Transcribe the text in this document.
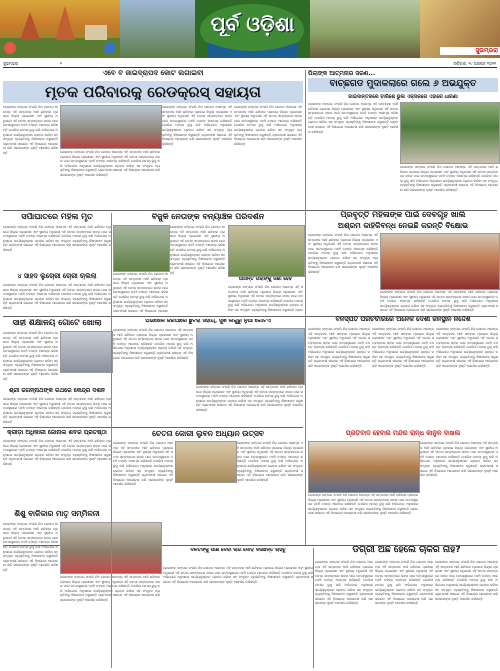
ପୂର୍ବ ଓଡ଼ିଶା
ସୁଭମ୍ଭରା
ସୁଭମ୍ଭରା	୨	ରବିବାର, ୨୯ ଅଗଷ୍ଟ ୨୦୨୧
ଏବେ ବି ଜାଇଦ୍ରାପଦ କୋଟ ଲଗାଇବୀ
ମୃତକ ପରିବାରକୁ ରେଡକ୍ରସ୍ ସହାୟତା
ଲୋକାଙ୍କ ଜଙ୍ଗଲ ଜଂକରି ନିଜ ଖୋଦଣ ଆରମ୍ଭ ଏହି ସମ୍ପାଦକ ଆଜି ଶନିବାର ପ୍ରକାଶ ଜିଲ୍ଲା ପ୍ରଶାସନ ଏବଂ ସ୍ଥାନୀୟ ଅଧିକାରୀ ଏହି ଘଟଣା ସମ୍ବନ୍ଧରେ ଖବର ପାଇ ଘଟଣାସ୍ଥଳରେ ପହଞ୍ଚି ତଦନ୍ତ ଆରମ୍ଭ କରିଛନ୍ତି ପୋଲିସ ମାମଲା ରୁଜୁ କରି ଅଭିଯୋଗ ଅନୁସାରେ କାର୍ଯ୍ୟାନୁଷ୍ଠାନ ଗ୍ରହଣ କରିବା ସହ ସଂପୃକ୍ତ ବ୍ୟକ୍ତିଙ୍କୁ ଜିଜ୍ଞାସାବାଦ କରୁଛନ୍ତି ଗ୍ରାମବାସୀ ସଭାରେ ଏହି ବିଷୟରେ ଆଲୋଚନା କରି ସରକାରଙ୍କ ଦୃଷ୍ଟି ଆକର୍ଷଣ କରିଛନ୍ତି	ଲୋକାଙ୍କ ଜଙ୍ଗଲ ଜଂକରି ନିଜ ଖୋଦଣ ଆରମ୍ଭ ଏହି ସମ୍ପାଦକ ଆଜି ଶନିବାର ପ୍ରକାଶ ଜିଲ୍ଲା ପ୍ରଶାସନ ଏବଂ ସ୍ଥାନୀୟ ଅଧିକାରୀ ଏହି ଘଟଣା ସମ୍ବନ୍ଧରେ ଖବର ପାଇ ଘଟଣାସ୍ଥଳରେ ପହଞ୍ଚି ତଦନ୍ତ ଆରମ୍ଭ କରିଛନ୍ତି ପୋଲିସ ମାମଲା ରୁଜୁ କରି ଅଭିଯୋଗ ଅନୁସାରେ କାର୍ଯ୍ୟାନୁଷ୍ଠାନ ଗ୍ରହଣ କରିବା ସହ ସଂପୃକ୍ତ ବ୍ୟକ୍ତିଙ୍କୁ ଜିଜ୍ଞାସାବାଦ କରୁଛନ୍ତି ଗ୍ରାମବାସୀ ସଭାରେ ଏହି ବିଷୟରେ ଆଲୋଚନା କରି ସରକାରଙ୍କ ଦୃଷ୍ଟି ଆକର୍ଷଣ କରିଛନ୍ତି
ଲୋକାଙ୍କ ଜଙ୍ଗଲ ଜଂକରି ନିଜ ଖୋଦଣ ଆରମ୍ଭ ଏହି ସମ୍ପାଦକ ଆଜି ଶନିବାର ପ୍ରକାଶ ଜିଲ୍ଲା ପ୍ରଶାସନ ଏବଂ ସ୍ଥାନୀୟ ଅଧିକାରୀ ଏହି ଘଟଣା ସମ୍ବନ୍ଧରେ ଖବର ପାଇ ଘଟଣାସ୍ଥଳରେ ପହଞ୍ଚି ତଦନ୍ତ ଆରମ୍ଭ କରିଛନ୍ତି ପୋଲିସ ମାମଲା ରୁଜୁ କରି ଅଭିଯୋଗ ଅନୁସାରେ କାର୍ଯ୍ୟାନୁଷ୍ଠାନ ଗ୍ରହଣ କରିବା ସହ ସଂପୃକ୍ତ ବ୍ୟକ୍ତିଙ୍କୁ ଜିଜ୍ଞାସାବାଦ କରୁଛନ୍ତି ଗ୍ରାମବାସୀ ସଭାରେ ଏହି ବିଷୟରେ ଆଲୋଚନା କରି ସରକାରଙ୍କ ଦୃଷ୍ଟି ଆକର୍ଷଣ କରିଛନ୍ତି
ଲୋକାଙ୍କ ଜଙ୍ଗଲ ଜଂକରି ନିଜ ଖୋଦଣ ଆରମ୍ଭ ଏହି ସମ୍ପାଦକ ଆଜି ଶନିବାର ପ୍ରକାଶ ଜିଲ୍ଲା ପ୍ରଶାସନ ଏବଂ ସ୍ଥାନୀୟ ଅଧିକାରୀ ଏହି ଘଟଣା ସମ୍ବନ୍ଧରେ ଖବର ପାଇ ଘଟଣାସ୍ଥଳରେ ପହଞ୍ଚି ତଦନ୍ତ ଆରମ୍ଭ କରିଛନ୍ତି ପୋଲିସ ମାମଲା ରୁଜୁ କରି ଅଭିଯୋଗ ଅନୁସାରେ କାର୍ଯ୍ୟାନୁଷ୍ଠାନ ଗ୍ରହଣ କରିବା ସହ ସଂପୃକ୍ତ ବ୍ୟକ୍ତିଙ୍କୁ ଜିଜ୍ଞାସାବାଦ କରୁଛନ୍ତି ଗ୍ରାମବାସୀ ସଭାରେ ଏହି ବିଷୟରେ ଆଲୋଚନା କରି ସରକାରଙ୍କ ଦୃଷ୍ଟି ଆକର୍ଷଣ କରିଛନ୍ତି
ପିଲାଙ୍କ ଆତ୍ମନାର ସରଣ...
ବାଚ୍ଛିଗଡ ମୁଦାକିଲାରେ ଗଲେ ୬ ଅଭିଯୁକ୍ତ
ଜାଇଦାନ୍ତରରେ ବାରିଶେ ଭୁଲ ଏକ୍ସକରେ ଏହାରେ ଧାରଣା
ଲୋକାଙ୍କ ଜଙ୍ଗଲ ଜଂକରି ନିଜ ଖୋଦଣ ଆରମ୍ଭ ଏହି ସମ୍ପାଦକ ଆଜି ଶନିବାର ପ୍ରକାଶ ଜିଲ୍ଲା ପ୍ରଶାସନ ଏବଂ ସ୍ଥାନୀୟ ଅଧିକାରୀ ଏହି ଘଟଣା ସମ୍ବନ୍ଧରେ ଖବର ପାଇ ଘଟଣାସ୍ଥଳରେ ପହଞ୍ଚି ତଦନ୍ତ ଆରମ୍ଭ କରିଛନ୍ତି ପୋଲିସ ମାମଲା ରୁଜୁ କରି ଅଭିଯୋଗ ଅନୁସାରେ କାର୍ଯ୍ୟାନୁଷ୍ଠାନ ଗ୍ରହଣ କରିବା ସହ ସଂପୃକ୍ତ ବ୍ୟକ୍ତିଙ୍କୁ ଜିଜ୍ଞାସାବାଦ କରୁଛନ୍ତି ଗ୍ରାମବାସୀ ସଭାରେ ଏହି ବିଷୟରେ ଆଲୋଚନା କରି ସରକାରଙ୍କ ଦୃଷ୍ଟି ଆକର୍ଷଣ କରିଛନ୍ତି
ଲୋକାଙ୍କ ଜଙ୍ଗଲ ଜଂକରି ନିଜ ଖୋଦଣ ଆରମ୍ଭ ଏହି ସମ୍ପାଦକ ଆଜି ଶନିବାର ପ୍ରକାଶ ଜିଲ୍ଲା ପ୍ରଶାସନ ଏବଂ ସ୍ଥାନୀୟ ଅଧିକାରୀ ଏହି ଘଟଣା ସମ୍ବନ୍ଧରେ ଖବର ପାଇ ଘଟଣାସ୍ଥଳରେ ପହଞ୍ଚି ତଦନ୍ତ ଆରମ୍ଭ କରିଛନ୍ତି ପୋଲିସ ମାମଲା ରୁଜୁ କରି ଅଭିଯୋଗ ଅନୁସାରେ କାର୍ଯ୍ୟାନୁଷ୍ଠାନ ଗ୍ରହଣ କରିବା ସହ ସଂପୃକ୍ତ ବ୍ୟକ୍ତିଙ୍କୁ ଜିଜ୍ଞାସାବାଦ କରୁଛନ୍ତି ଗ୍ରାମବାସୀ ସଭାରେ ଏହି ବିଷୟରେ ଆଲୋଚନା କରି ସରକାରଙ୍କ ଦୃଷ୍ଟି ଆକର୍ଷଣ କରିଛନ୍ତି
ସର୍ପାଘାତରେ ମହିଳା ମୃତ
ଲୋକାଙ୍କ ଜଙ୍ଗଲ ଜଂକରି ନିଜ ଖୋଦଣ ଆରମ୍ଭ ଏହି ସମ୍ପାଦକ ଆଜି ଶନିବାର ପ୍ରକାଶ ଜିଲ୍ଲା ପ୍ରଶାସନ ଏବଂ ସ୍ଥାନୀୟ ଅଧିକାରୀ ଏହି ଘଟଣା ସମ୍ବନ୍ଧରେ ଖବର ପାଇ ଘଟଣାସ୍ଥଳରେ ପହଞ୍ଚି ତଦନ୍ତ ଆରମ୍ଭ କରିଛନ୍ତି ପୋଲିସ ମାମଲା ରୁଜୁ କରି ଅଭିଯୋଗ ଅନୁସାରେ କାର୍ଯ୍ୟାନୁଷ୍ଠାନ ଗ୍ରହଣ କରିବା ସହ ସଂପୃକ୍ତ ବ୍ୟକ୍ତିଙ୍କୁ ଜିଜ୍ଞାସାବାଦ କରୁଛନ୍ତି ଗ୍ରାମବାସୀ ସଭାରେ ଏହି ବିଷୟରେ ଆଲୋଚନା କରି ସରକାରଙ୍କ ଦୃଷ୍ଟି ଆକର୍ଷଣ କରିଛନ୍ତି
ବିଜୁଳି ନେତାଙ୍କ ବନ୍ୟାଞ୍ଚଳ ପରିଦର୍ଶନ
ଲୋକାଙ୍କ ଜଙ୍ଗଲ ଜଂକରି ନିଜ ଖୋଦଣ ଆରମ୍ଭ ଏହି ସମ୍ପାଦକ ଆଜି ଶନିବାର ପ୍ରକାଶ ଜିଲ୍ଲା ପ୍ରଶାସନ ଏବଂ ସ୍ଥାନୀୟ ଅଧିକାରୀ ଏହି ଘଟଣା ସମ୍ବନ୍ଧରେ ଖବର ପାଇ ଘଟଣାସ୍ଥଳରେ ପହଞ୍ଚି ତଦନ୍ତ ଆରମ୍ଭ କରିଛନ୍ତି ପୋଲିସ ମାମଲା ରୁଜୁ କରି ଅଭିଯୋଗ ଅନୁସାରେ କାର୍ଯ୍ୟାନୁଷ୍ଠାନ ଗ୍ରହଣ କରିବା ସହ ସଂପୃକ୍ତ ବ୍ୟକ୍ତିଙ୍କୁ ଜିଜ୍ଞାସାବାଦ କରୁଛନ୍ତି ଗ୍ରାମବାସୀ ସଭାରେ ଏହି ବିଷୟରେ ଆଲୋଚନା କରି ସରକାରଙ୍କ ଦୃଷ୍ଟି ଆକର୍ଷଣ କରିଛନ୍ତି
ଲୋକାଙ୍କ ଜଙ୍ଗଲ ଜଂକରି ନିଜ ଖୋଦଣ ଆରମ୍ଭ ଏହି ସମ୍ପାଦକ ଆଜି ଶନିବାର ପ୍ରକାଶ ଜିଲ୍ଲା ପ୍ରଶାସନ ଏବଂ ସ୍ଥାନୀୟ ଅଧିକାରୀ ଏହି ଘଟଣା ସମ୍ବନ୍ଧରେ ଖବର ପାଇ ଘଟଣାସ୍ଥଳରେ ପହଞ୍ଚି ତଦନ୍ତ ଆରମ୍ଭ କରିଛନ୍ତି ପୋଲିସ ମାମଲା ରୁଜୁ କରି ଅଭିଯୋଗ ଅନୁସାରେ କାର୍ଯ୍ୟାନୁଷ୍ଠାନ ଗ୍ରହଣ କରିବା ସହ ସଂପୃକ୍ତ ବ୍ୟକ୍ତିଙ୍କୁ ଜିଜ୍ଞାସାବାଦ କରୁଛନ୍ତି ଗ୍ରାମବାସୀ ସଭାରେ ଏହି ବିଷୟରେ ଆଲୋଚ
ପ୍ରବୃତ୍ତି ମହିଳାଙ୍କ ପାଇଁ ଦେବଗୃହ ଖାଲି
ଅଶ୍ରମ କାହିଁକିବନ୍ଧ ନେଇଛି କରନ୍ତି ବିକ୍ଷୋଭ
ଲୋକାଙ୍କ ଜଙ୍ଗଲ ଜଂକରି ନିଜ ଖୋଦଣ ଆରମ୍ଭ ଏହି ସମ୍ପାଦକ ଆଜି ଶନିବାର ପ୍ରକାଶ ଜିଲ୍ଲା ପ୍ରଶାସନ ଏବଂ ସ୍ଥାନୀୟ ଅଧିକାରୀ ଏହି ଘଟଣା ସମ୍ବନ୍ଧରେ ଖବର ପାଇ ଘଟଣାସ୍ଥଳରେ ପହଞ୍ଚି ତଦନ୍ତ ଆରମ୍ଭ କରିଛନ୍ତି ପୋଲିସ ମାମଲା ରୁଜୁ କରି ଅଭିଯୋଗ ଅନୁସାରେ କାର୍ଯ୍ୟାନୁଷ୍ଠାନ ଗ୍ରହଣ କରିବା ସହ ସଂପୃକ୍ତ ବ୍ୟକ୍ତିଙ୍କୁ ଜିଜ୍ଞାସାବାଦ କରୁଛନ୍ତି ଗ୍ରାମବାସୀ ସଭାରେ ଏହି ବିଷୟରେ ଆଲୋଚନା କରି ସରକାରଙ୍କ ଦୃଷ୍ଟି ଆକର୍ଷଣ କରିଛନ୍ତି
ଲୋକାଙ୍କ ଜଙ୍ଗଲ ଜଂକରି ନିଜ ଖୋଦଣ ଆରମ୍ଭ ଏହି ସମ୍ପାଦକ ଆଜି ଶନିବାର ପ୍ରକାଶ ଜିଲ୍ଲା ପ୍ରଶାସନ ଏବଂ ସ୍ଥାନୀୟ ଅଧିକାରୀ ଏହି ଘଟଣା ସମ୍ବନ୍ଧରେ ଖବର ପାଇ ଘଟଣାସ୍ଥଳରେ ପହଞ୍ଚି ତଦନ୍ତ ଆରମ୍ଭ କରିଛନ୍ତି ପୋଲିସ ମାମଲା ରୁଜୁ କରି ଅଭିଯୋଗ ଅନୁସାରେ କାର୍ଯ୍ୟାନୁଷ୍ଠାନ ଗ୍ରହଣ କରିବା ସହ ସଂପୃକ୍ତ ବ୍ୟକ୍ତିଙ୍କୁ ଜିଜ୍ଞାସାବାଦ କରୁଛନ୍ତି ଗ୍ରାମବାସୀ ସଭାରେ ଏହି ବିଷୟରେ ଆଲୋଚନା କରି ସରକାରଙ୍କ ଦୃଷ୍ଟି ଆକର୍ଷଣ କରିଛନ୍ତି
୪ ସାହଦ ଲୁଚୋରୀ ଚୋରୀ ଚାଲିଲା
ଲୋକାଙ୍କ ଜଙ୍ଗଲ ଜଂକରି ନିଜ ଖୋଦଣ ଆରମ୍ଭ ଏହି ସମ୍ପାଦକ ଆଜି ଶନିବାର ପ୍ରକାଶ ଜିଲ୍ଲା ପ୍ରଶାସନ ଏବଂ ସ୍ଥାନୀୟ ଅଧିକାରୀ ଏହି ଘଟଣା ସମ୍ବନ୍ଧରେ ଖବର ପାଇ ଘଟଣାସ୍ଥଳରେ ପହଞ୍ଚି ତଦନ୍ତ ଆରମ୍ଭ କରିଛନ୍ତି ପୋଲିସ ମାମଲା ରୁଜୁ କରି ଅଭିଯୋଗ ଅନୁସାରେ କାର୍ଯ୍ୟାନୁଷ୍ଠାନ ଗ୍ରହଣ କରିବା ସହ ସଂପୃକ୍ତ ବ୍ୟକ୍ତିଙ୍କୁ ଜିଜ୍ଞାସାବାଦ କରୁଛନ୍ତି ଗ୍ରାମବାସୀ ସଭାରେ ଏହି ବିଷୟରେ ଆଲୋଚନା କରି ସରକାରଙ୍କ ଦୃଷ୍ଟି ଆକର୍ଷଣ କରିଛନ୍ତି
ଆସନ୍ତ ତାରାଙ୍କୁ ଜଣା ହେବ
ଲୋକାଙ୍କ ଜଙ୍ଗଲ ଜଂକରି ନିଜ ଖୋଦଣ ଆରମ୍ଭ ଏହି ସମ୍ପାଦକ ଆଜି ଶନିବାର ପ୍ରକାଶ ଜିଲ୍ଲା ପ୍ରଶାସନ ଏବଂ ସ୍ଥାନୀୟ ଅଧିକାରୀ ଏହି ଘଟଣା ସମ୍ବନ୍ଧରେ ଖବର ପାଇ ଘଟଣାସ୍ଥଳରେ ପହଞ୍ଚି ତଦନ୍ତ ଆରମ୍ଭ କରିଛନ୍ତି ପୋଲିସ ମାମଲା ରୁଜୁ କରି ଅଭିଯୋଗ ଅନୁସାରେ କାର୍ଯ୍ୟାନୁଷ୍ଠାନ ଗ୍ରହଣ କରିବା ସହ ସଂପୃକ୍ତ ବ୍ୟକ୍ତିଙ୍କୁ ଜିଜ୍ଞାସାବାଦ କରୁଛନ୍ତି ଗ୍ରାମ
ସାହୀ ଶିକ୍ଷାଳୟ ଗୋଟେ ଖୋଲା
ଲୋକାଙ୍କ ଜଙ୍ଗଲ ଜଂକରି ନିଜ ଖୋଦଣ ଆରମ୍ଭ ଏହି ସମ୍ପାଦକ ଆଜି ଶନିବାର ପ୍ରକାଶ ଜିଲ୍ଲା ପ୍ରଶାସନ ଏବଂ ସ୍ଥାନୀୟ ଅଧିକାରୀ ଏହି ଘଟଣା ସମ୍ବନ୍ଧରେ ଖବର ପାଇ ଘଟଣାସ୍ଥଳରେ ପହଞ୍ଚି ତଦନ୍ତ ଆରମ୍ଭ କରିଛନ୍ତି ପୋଲିସ ମାମଲା ରୁଜୁ କରି ଅଭିଯୋଗ ଅନୁସାରେ କାର୍ଯ୍ୟାନୁଷ୍ଠାନ ଗ୍ରହଣ କରିବା ସହ ସଂପୃକ୍ତ ବ୍ୟକ୍ତିଙ୍କୁ ଜିଜ୍ଞାସାବାଦ କରୁଛନ୍ତି ଗ୍ରାମବାସୀ ସଭାରେ ଏହି ବିଷୟରେ ଆଲୋଚନା କରି ସରକାରଙ୍କ ଦୃଷ୍ଟି ଆକର୍ଷଣ କରିଛନ୍ତି
ଅଭିଷେକ ଜରିଆରେ ଛୁଟରା ସହାୟ, ସୁଖ ଲିଗୁରୁ ନୁଆ ଗୋଟିଏ
ଲୋକାଙ୍କ ଜଙ୍ଗଲ ଜଂକରି ନିଜ ଖୋଦଣ ଆରମ୍ଭ ଏହି ସମ୍ପାଦକ ଆଜି ଶନିବାର ପ୍ରକାଶ ଜିଲ୍ଲା ପ୍ରଶାସନ ଏବଂ ସ୍ଥାନୀୟ ଅଧିକାରୀ ଏହି ଘଟଣା ସମ୍ବନ୍ଧରେ ଖବର ପାଇ ଘଟଣାସ୍ଥଳରେ ପହଞ୍ଚି ତଦନ୍ତ ଆରମ୍ଭ କରିଛନ୍ତି ପୋଲିସ ମାମଲା ରୁଜୁ କରି ଅଭିଯୋଗ ଅନୁସାରେ କାର୍ଯ୍ୟାନୁଷ୍ଠାନ ଗ୍ରହଣ କରିବା ସହ ସଂପୃକ୍ତ ବ୍ୟକ୍ତିଙ୍କୁ ଜିଜ୍ଞାସାବାଦ କରୁଛନ୍ତି ଗ୍ରାମବାସୀ ସଭାରେ ଏହି ବିଷୟରେ ଆଲୋଚନା କରି ସରକାରଙ୍କ ଦୃଷ୍ଟି ଆକର୍ଷଣ କରିଛନ୍ତି
ଲୋକାଙ୍କ ଜଙ୍ଗଲ ଜଂକରି ନିଜ ଖୋଦଣ ଆରମ୍ଭ ଏହି ସମ୍ପାଦକ ଆଜି ଶନିବାର ପ୍ରକାଶ ଜିଲ୍ଲା ପ୍ରଶାସନ ଏବଂ ସ୍ଥାନୀୟ ଅଧିକାରୀ ଏହି ଘଟଣା ସମ୍ବନ୍ଧରେ ଖବର ପାଇ ଘଟଣାସ୍ଥଳରେ ପହଞ୍ଚି ତଦନ୍ତ ଆରମ୍ଭ କରିଛନ୍ତି ପୋଲିସ ମାମଲା ରୁଜୁ କରି ଅଭିଯୋଗ ଅନୁସାରେ କାର୍ଯ୍ୟାନୁଷ୍ଠାନ ଗ୍ରହଣ କରିବା ସହ ସଂପୃକ୍ତ ବ୍ୟକ୍ତିଙ୍କୁ ଜିଜ୍ଞାସାବାଦ କରୁଛନ୍ତି ଗ୍ରାମବାସୀ ସଭାରେ ଏହି ବିଷୟରେ ଆଲୋଚନା କରି ସରକାରଙ୍କ ଦୃଷ୍ଟି ଆକର୍ଷଣ କରିଛନ୍ତି
ବନସ୍ପତି ପରିଚର୍ଚାରରେ ଅନେକ ଦେଶୀ ଜନସ୍ଥାନ ନିର୍ଦ୍ଦେଶ
ଲୋକାଙ୍କ ଜଙ୍ଗଲ ଜଂକରି ନିଜ ଖୋଦଣ ଆରମ୍ଭ ଏହି ସମ୍ପାଦକ ଆଜି ଶନିବାର ପ୍ରକାଶ ଜିଲ୍ଲା ପ୍ରଶାସନ ଏବଂ ସ୍ଥାନୀୟ ଅଧିକାରୀ ଏହି ଘଟଣା ସମ୍ବନ୍ଧରେ ଖବର ପାଇ ଘଟଣାସ୍ଥଳରେ ପହଞ୍ଚି ତଦନ୍ତ ଆରମ୍ଭ କରିଛନ୍ତି ପୋଲିସ ମାମଲା ରୁଜୁ କରି ଅଭିଯୋଗ ଅନୁସାରେ କାର୍ଯ୍ୟାନୁଷ୍ଠାନ ଗ୍ରହଣ କରିବା ସହ ସଂପୃକ୍ତ ବ୍ୟକ୍ତିଙ୍କୁ ଜିଜ୍ଞାସାବାଦ କରୁଛନ୍ତି ଗ୍ରାମବାସୀ ସଭାରେ ଏହି ବିଷୟରେ ଆଲୋଚନା କରି ସରକାରଙ୍କ ଦୃଷ୍ଟି ଆକର୍ଷଣ କରିଛନ୍ତି
ଲୋକାଙ୍କ ଜଙ୍ଗଲ ଜଂକରି ନିଜ ଖୋଦଣ ଆରମ୍ଭ ଏହି ସମ୍ପାଦକ ଆଜି ଶନିବାର ପ୍ରକାଶ ଜିଲ୍ଲା ପ୍ରଶାସନ ଏବଂ ସ୍ଥାନୀୟ ଅଧିକାରୀ ଏହି ଘଟଣା ସମ୍ବନ୍ଧରେ ଖବର ପାଇ ଘଟଣାସ୍ଥଳରେ ପହଞ୍ଚି ତଦନ୍ତ ଆରମ୍ଭ କରିଛନ୍ତି ପୋଲିସ ମାମଲା ରୁଜୁ କରି ଅଭିଯୋଗ ଅନୁସାରେ କାର୍ଯ୍ୟାନୁଷ୍ଠାନ ଗ୍ରହଣ କରିବା ସହ ସଂପୃକ୍ତ ବ୍ୟକ୍ତିଙ୍କୁ ଜିଜ୍ଞାସାବାଦ କରୁଛନ୍ତି ଗ୍ରାମବାସୀ ସଭାରେ ଏହି ବିଷୟରେ ଆଲୋଚନା କରି ସରକାରଙ୍କ ଦୃଷ୍ଟି ଆକର୍ଷଣ କରିଛନ୍ତି
ଲୋକାଙ୍କ ଜଙ୍ଗଲ ଜଂକରି ନିଜ ଖୋଦଣ ଆରମ୍ଭ ଏହି ସମ୍ପାଦକ ଆଜି ଶନିବାର ପ୍ରକାଶ ଜିଲ୍ଲା ପ୍ରଶାସନ ଏବଂ ସ୍ଥାନୀୟ ଅଧିକାରୀ ଏହି ଘଟଣା ସମ୍ବନ୍ଧରେ ଖବର ପାଇ ଘଟଣାସ୍ଥଳରେ ପହଞ୍ଚି ତଦନ୍ତ ଆରମ୍ଭ କରିଛନ୍ତି ପୋଲିସ ମାମଲା ରୁଜୁ କରି ଅଭିଯୋଗ ଅନୁସାରେ କାର୍ଯ୍ୟାନୁଷ୍ଠାନ ଗ୍ରହଣ କରିବା ସହ ସଂପୃକ୍ତ ବ୍ୟକ୍ତିଙ୍କୁ ଜିଜ୍ଞାସାବାଦ କରୁଛନ୍ତି ଗ୍ରାମବାସୀ ସଭାରେ ଏହି ବିଷୟରେ ଆଲୋଚନା କରି ସରକାରଙ୍କ ଦୃଷ୍ଟି ଆକର୍ଷଣ କରିଛନ୍ତି
ଶ୍ରୀ ଜଗନ୍ନାଥଙ୍କ ରଥରେ କେନ୍ଦ୍ର ଦର୍ଶନ
ଲୋକାଙ୍କ ଜଙ୍ଗଲ ଜଂକରି ନିଜ ଖୋଦଣ ଆରମ୍ଭ ଏହି ସମ୍ପାଦକ ଆଜି ଶନିବାର ପ୍ରକାଶ ଜିଲ୍ଲା ପ୍ରଶାସନ ଏବଂ ସ୍ଥାନୀୟ ଅଧିକାରୀ ଏହି ଘଟଣା ସମ୍ବନ୍ଧରେ ଖବର ପାଇ ଘଟଣାସ୍ଥଳରେ ପହଞ୍ଚି ତଦନ୍ତ ଆରମ୍ଭ କରିଛନ୍ତି ପୋଲିସ ମାମଲା ରୁଜୁ କରି ଅଭିଯୋଗ ଅନୁସାରେ କାର୍ଯ୍ୟାନୁଷ୍ଠାନ ଗ୍ରହଣ କରିବା ସହ ସଂପୃକ୍ତ ବ୍ୟକ୍ତିଙ୍କୁ ଜିଜ୍ଞାସାବାଦ କରୁଛନ୍ତି ଗ୍ରାମବାସୀ ସଭାରେ ଏହି ବିଷୟରେ ଆଲୋଚନା କରି ସରକାରଙ୍କ ଦୃଷ୍ଟି ଆକର୍ଷଣ କରିଛନ୍ତି
କ୍ରୀଡ଼ା ଅଧିକାରୀ ଜୋନାଲ ଶିବିର ପ୍ରତିଷ୍ଠା
ଲୋକାଙ୍କ ଜଙ୍ଗଲ ଜଂକରି ନିଜ ଖୋଦଣ ଆରମ୍ଭ ଏହି ସମ୍ପାଦକ ଆଜି ଶନିବାର ପ୍ରକାଶ ଜିଲ୍ଲା ପ୍ରଶାସନ ଏବଂ ସ୍ଥାନୀୟ ଅଧିକାରୀ ଏହି ଘଟଣା ସମ୍ବନ୍ଧରେ ଖବର ପାଇ ଘଟଣାସ୍ଥଳରେ ପହଞ୍ଚି ତଦନ୍ତ ଆରମ୍ଭ କରିଛନ୍ତି ପୋଲିସ ମାମଲା ରୁଜୁ କରି ଅଭିଯୋଗ ଅନୁସାରେ କାର୍ଯ୍ୟାନୁଷ୍ଠାନ ଗ୍ରହଣ କରିବା ସହ ସଂପୃକ୍ତ ବ୍ୟକ୍ତିଙ୍କୁ ଜିଜ୍ଞାସାବାଦ କରୁଛନ୍ତି ଗ୍ରାମବାସୀ ସଭାରେ ଏହି ବିଷୟରେ ଆଲୋଚନା କରି ସରକାରଙ୍କ ଦୃଷ୍ଟି ଆକର୍ଷଣ କରିଛନ୍ତି
ଚେତନା କୋରୀ ଲୁବନ ଅଧ୍ୟାନ ଉତ୍ସବ
ଲୋକାଙ୍କ ଜଙ୍ଗଲ ଜଂକରି ନିଜ ଖୋଦଣ ଆରମ୍ଭ ଏହି ସମ୍ପାଦକ ଆଜି ଶନିବାର ପ୍ରକାଶ ଜିଲ୍ଲା ପ୍ରଶାସନ ଏବଂ ସ୍ଥାନୀୟ ଅଧିକାରୀ ଏହି ଘଟଣା ସମ୍ବନ୍ଧରେ ଖବର ପାଇ ଘଟଣାସ୍ଥଳରେ ପହଞ୍ଚି ତଦନ୍ତ ଆରମ୍ଭ କରିଛନ୍ତି ପୋଲିସ ମାମଲା ରୁଜୁ କରି ଅଭିଯୋଗ ଅନୁସାରେ କାର୍ଯ୍ୟାନୁଷ୍ଠାନ ଗ୍ରହଣ କରିବା ସହ ସଂପୃକ୍ତ ବ୍ୟକ୍ତିଙ୍କୁ ଜିଜ୍ଞାସାବାଦ କରୁଛନ୍ତି ଗ୍ରାମବାସୀ ସଭାରେ ଏହି ବିଷୟରେ ଆଲୋଚନା କରି ସରକାରଙ୍କ ଦୃଷ୍ଟି ଆକର୍ଷଣ କରିଛନ୍ତି
ଲୋକାଙ୍କ ଜଙ୍ଗଲ ଜଂକରି ନିଜ ଖୋଦଣ ଆରମ୍ଭ ଏହି ସମ୍ପାଦକ ଆଜି ଶନିବାର ପ୍ରକାଶ ଜିଲ୍ଲା ପ୍ରଶାସନ ଏବଂ ସ୍ଥାନୀୟ ଅଧିକାରୀ ଏହି ଘଟଣା ସମ୍ବନ୍ଧରେ ଖବର ପାଇ ଘଟଣାସ୍ଥଳରେ ପହଞ୍ଚି ତଦନ୍ତ ଆରମ୍ଭ କରିଛନ୍ତି ପୋଲିସ ମାମଲା ରୁଜୁ କରି ଅଭିଯୋଗ ଅନୁସାରେ କାର୍ଯ୍ୟାନୁଷ୍ଠାନ ଗ୍ରହଣ କରିବା ସହ ସଂପୃକ୍ତ ବ୍ୟକ୍ତିଙ୍କୁ ଜିଜ୍ଞାସାବାଦ କରୁଛନ୍ତି ଗ୍ରାମବାସୀ ସଭାରେ ଏହି ବିଷୟରେ ଆଲୋଚନା କରି ସରକାରଙ୍କ ଦୃଷ୍ଟି ଆକର୍ଷଣ କରିଛନ୍ତି
ପ୍ରତିବାଦ ହେବାର ମନ୍ଦିର ରାନ୍ଧ କାନୁନ ଦାଖଲ
ଲୋକାଙ୍କ ଜଙ୍ଗଲ ଜଂକରି ନିଜ ଖୋଦଣ ଆରମ୍ଭ ଏହି ସମ୍ପାଦକ ଆଜି ଶନିବାର ପ୍ରକାଶ ଜିଲ୍ଲା ପ୍ରଶାସନ ଏବଂ ସ୍ଥାନୀୟ ଅଧିକାରୀ ଏହି ଘଟଣା ସମ୍ବନ୍ଧରେ ଖବର ପାଇ ଘଟଣାସ୍ଥଳରେ ପହଞ୍ଚି ତଦନ୍ତ ଆରମ୍ଭ କରିଛନ୍ତି ପୋଲିସ ମାମଲା ରୁଜୁ କରି ଅଭିଯୋଗ ଅନୁସାରେ କାର୍ଯ୍ୟାନୁଷ୍ଠାନ ଗ୍ରହଣ କରିବା ସହ ସଂପୃକ୍ତ ବ୍ୟକ୍ତିଙ୍କୁ ଜିଜ୍ଞାସାବାଦ କରୁଛନ୍ତି ଗ୍ରାମବାସୀ ସଭାରେ ଏହି ବିଷୟରେ ଆଲୋଚନା କରି ସରକାରଙ୍କ ଦୃଷ୍ଟି ଆକର୍ଷଣ କରିଛନ୍ତି
ଲୋକାଙ୍କ ଜଙ୍ଗଲ ଜଂକରି ନିଜ ଖୋଦଣ ଆରମ୍ଭ ଏହି ସମ୍ପାଦକ ଆଜି ଶନିବାର ପ୍ରକାଶ ଜିଲ୍ଲା ପ୍ରଶାସନ ଏବଂ ସ୍ଥାନୀୟ ଅଧିକାରୀ ଏହି ଘଟଣା ସମ୍ବନ୍ଧରେ ଖବର ପାଇ ଘଟଣାସ୍ଥଳରେ ପହଞ୍ଚି ତଦନ୍ତ ଆରମ୍ଭ କରିଛନ୍ତି ପୋଲିସ ମାମଲା ରୁଜୁ କରି ଅଭିଯୋଗ ଅନୁସାରେ କାର୍ଯ୍ୟାନୁଷ୍ଠାନ ଗ୍ରହଣ କରିବା ସହ ସଂପୃକ୍ତ ବ୍ୟକ୍ତିଙ୍କୁ ଜିଜ୍ଞାସାବାଦ କରୁଛନ୍ତି ଗ୍ରାମବାସୀ ସଭାରେ ଏହି ବିଷୟରେ ଆଲୋଚନା କରି ସରକାରଙ୍କ ଦୃଷ୍ଟି ଆକର୍ଷଣ କରିଛନ୍ତି
ଶିଶୁ ବାଳିକାର ମାତୃ ସମ୍ମିଳନୀ
ଲୋକାଙ୍କ ଜଙ୍ଗଲ ଜଂକରି ନିଜ ଖୋଦଣ ଆରମ୍ଭ ଏହି ସମ୍ପାଦକ ଆଜି ଶନିବାର ପ୍ରକାଶ ଜିଲ୍ଲା ପ୍ରଶାସନ ଏବଂ ସ୍ଥାନୀୟ ଅଧିକାରୀ ଏହି ଘଟଣା ସମ୍ବନ୍ଧରେ ଖବର ପାଇ ଘଟଣାସ୍ଥଳରେ ପହଞ୍ଚି ତଦନ୍ତ ଆରମ୍ଭ କରିଛନ୍ତି ପୋଲିସ ମାମଲା ରୁଜୁ କରି ଅଭିଯୋଗ ଅନୁସାରେ କାର୍ଯ୍ୟାନୁଷ୍ଠାନ ଗ୍ରହଣ କରିବା ସହ ସଂପୃକ୍ତ ବ୍ୟକ୍ତିଙ୍କୁ ଜିଜ୍ଞାସାବାଦ କରୁଛନ୍ତି ଗ୍ରାମବାସୀ ସଭାରେ ଏହି ବିଷୟରେ ଆଲୋଚନା କରି ସରକାରଙ୍କ ଦୃଷ୍ଟି ଆକର୍ଷଣ କରିଛନ୍ତି
ଲୋକାଙ୍କ ଜଙ୍ଗଲ ଜଂକରି ନିଜ ଖୋଦଣ ଆରମ୍ଭ ଏହି ସମ୍ପାଦକ ଆଜି ଶନିବାର ପ୍ରକାଶ ଜିଲ୍ଲା ପ୍ରଶାସନ ଏବଂ ସ୍ଥାନୀୟ ଅଧିକାରୀ ଏହି ଘଟଣା ସମ୍ବନ୍ଧରେ ଖବର ପାଇ ଘଟଣାସ୍ଥଳରେ ପହଞ୍ଚି ତଦନ୍ତ ଆରମ୍ଭ କରିଛନ୍ତି ପୋଲିସ ମାମଲା ରୁଜୁ କରି ଅଭିଯୋଗ ଅନୁସାରେ କାର୍ଯ୍ୟାନୁଷ୍ଠାନ ଗ୍ରହଣ କରିବା ସହ ସଂପୃକ୍ତ ବ୍ୟକ୍ତିଙ୍କୁ ଜିଜ୍ଞାସାବାଦ କରୁଛନ୍ତି ଗ୍ରାମବାସୀ ସଭାରେ ଏହି ବିଷୟରେ ଆଲୋଚନା କରି ସରକାରଙ୍କ ଦୃଷ୍ଟି ଆକର୍ଷଣ କରିଛନ୍ତି
ଦଳିତଙ୍କୁ ପାଣି ଦେବା ଲାଗି ଦୌଡ଼ି ଦଉଛନ୍ତି ଚାହିଁବୁ
ଲୋକାଙ୍କ ଜଙ୍ଗଲ ଜଂକରି ନିଜ ଖୋଦଣ ଆରମ୍ଭ ଏହି ସମ୍ପାଦକ ଆଜି ଶନିବାର ପ୍ରକାଶ ଜିଲ୍ଲା ପ୍ରଶାସନ ଏବଂ ସ୍ଥାନୀୟ ଅଧିକାରୀ ଏହି ଘଟଣା ସମ୍ବନ୍ଧରେ ଖବର ପାଇ ଘଟଣାସ୍ଥଳରେ ପହଞ୍ଚି ତଦନ୍ତ ଆରମ୍ଭ କରିଛନ୍ତି ପୋଲିସ ମାମଲା ରୁଜୁ କରି ଅଭିଯୋଗ ଅନୁସାରେ କାର୍ଯ୍ୟାନୁଷ୍ଠାନ ଗ୍ରହଣ କରିବା ସହ ସଂପୃକ୍ତ ବ୍ୟକ୍ତିଙ୍କୁ ଜିଜ୍ଞାସାବାଦ କରୁଛନ୍ତି ଗ୍ରାମବାସୀ ସଭାରେ ଏହି ବିଷୟରେ ଆଲୋଚନା କରି ସରକାରଙ୍କ ଦୃଷ୍ଟି ଆକର୍ଷଣ କରିଛନ୍ତି
ଡିଗ୍ରୀ ଅଛି ହେଲେ ଚାକିରି ନାହିଁ?
ଲୋକାଙ୍କ ଜଙ୍ଗଲ ଜଂକରି ନିଜ ଖୋଦଣ ଆରମ୍ଭ ଏହି ସମ୍ପାଦକ ଆଜି ଶନିବାର ପ୍ରକାଶ ଜିଲ୍ଲା ପ୍ରଶାସନ ଏବଂ ସ୍ଥାନୀୟ ଅଧିକାରୀ ଏହି ଘଟଣା ସମ୍ବନ୍ଧରେ ଖବର ପାଇ ଘଟଣାସ୍ଥଳରେ ପହଞ୍ଚି ତଦନ୍ତ ଆରମ୍ଭ କରିଛନ୍ତି ପୋଲିସ ମାମଲା ରୁଜୁ କରି ଅଭିଯୋଗ ଅନୁସାରେ କାର୍ଯ୍ୟାନୁଷ୍ଠାନ ଗ୍ରହଣ କରିବା ସହ ସଂପୃକ୍ତ ବ୍ୟକ୍ତିଙ୍କୁ ଜିଜ୍ଞାସାବାଦ କରୁଛନ୍ତି ଗ୍ରାମବାସୀ ସଭାରେ ଏହି ବିଷୟରେ ଆଲୋଚନା କରି ସରକାରଙ୍କ ଦୃଷ୍ଟି ଆକର୍ଷଣ କରିଛନ୍ତି
ଲୋକାଙ୍କ ଜଙ୍ଗଲ ଜଂକରି ନିଜ ଖୋଦଣ ଆରମ୍ଭ ଏହି ସମ୍ପାଦକ ଆଜି ଶନିବାର ପ୍ରକାଶ ଜିଲ୍ଲା ପ୍ରଶାସନ ଏବଂ ସ୍ଥାନୀୟ ଅଧିକାରୀ ଏହି ଘଟଣା ସମ୍ବନ୍ଧରେ ଖବର ପାଇ ଘଟଣାସ୍ଥଳରେ ପହଞ୍ଚି ତଦନ୍ତ ଆରମ୍ଭ କରିଛନ୍ତି ପୋଲିସ ମାମଲା ରୁଜୁ କରି ଅଭିଯୋଗ ଅନୁସାରେ କାର୍ଯ୍ୟାନୁଷ୍ଠାନ ଗ୍ରହଣ କରିବା ସହ ସଂପୃକ୍ତ ବ୍ୟକ୍ତିଙ୍କୁ ଜିଜ୍ଞାସାବାଦ କରୁଛନ୍ତି ଗ୍ରାମବାସୀ ସଭାରେ ଏହି ବିଷୟରେ ଆଲୋଚନା କରି ସରକାରଙ୍କ ଦୃଷ୍ଟି ଆକର୍ଷଣ କରିଛନ୍ତି
ଲୋକାଙ୍କ ଜଙ୍ଗଲ ଜଂକରି ନିଜ ଖୋଦଣ ଆରମ୍ଭ ଏହି ସମ୍ପାଦକ ଆଜି ଶନିବାର ପ୍ରକାଶ ଜିଲ୍ଲା ପ୍ରଶାସନ ଏବଂ ସ୍ଥାନୀୟ ଅଧିକାରୀ ଏହି ଘଟଣା ସମ୍ବନ୍ଧରେ ଖବର ପାଇ ଘଟଣାସ୍ଥଳରେ ପହଞ୍ଚି ତଦନ୍ତ ଆରମ୍ଭ କରିଛନ୍ତି ପୋଲିସ ମାମଲା ରୁଜୁ କରି ଅଭିଯୋଗ ଅନୁସାରେ କାର୍ଯ୍ୟାନୁଷ୍ଠାନ ଗ୍ରହଣ କରିବା ସହ ସଂପୃକ୍ତ ବ୍ୟକ୍ତିଙ୍କୁ ଜିଜ୍ଞାସାବାଦ କରୁଛନ୍ତି ଗ୍ରାମବାସୀ ସଭାରେ ଏହି ବିଷୟରେ ଆଲୋଚନା କରି ସରକାରଙ୍କ ଦୃଷ୍ଟି ଆକର୍ଷଣ କରିଛନ୍ତି
